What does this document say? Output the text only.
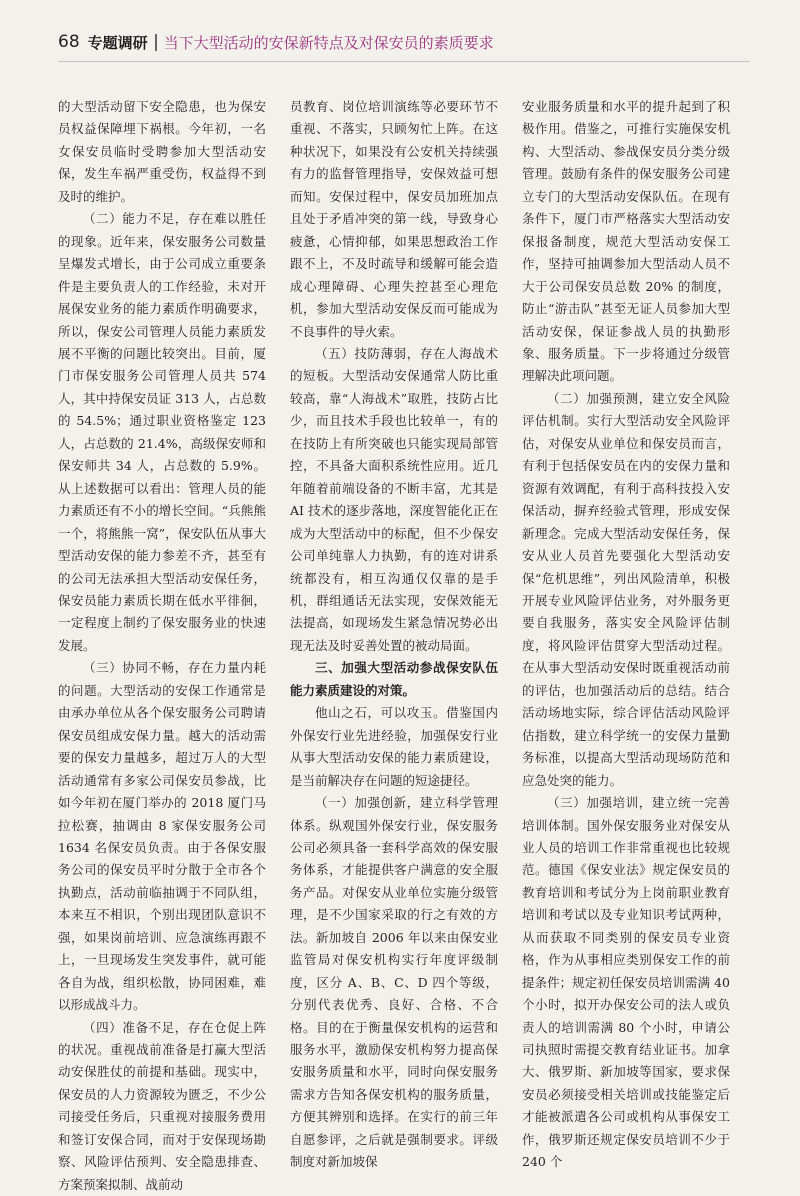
68 专题调研 当下大型活动的安保新特点及对保安员的素质要求

的大型活动留下安全隐患，也为保安员权益保障埋下祸根。今年初，一名女保安员临时受聘参加大型活动安保，发生车祸严重受伤，权益得不到及时的维护。

（二）能力不足，存在难以胜任的现象。近年来，保安服务公司数量呈爆发式增长，由于公司成立重要条件是主要负责人的工作经验，未对开展保安业务的能力素质作明确要求，所以，保安公司管理人员能力素质发展不平衡的问题比较突出。目前，厦门市保安服务公司管理人员共 574 人，其中持保安员证 313 人，占总数的 54.5%；通过职业资格鉴定 123 人，占总数的 21.4%，高级保安师和保安师共 34 人，占总数的 5.9%。从上述数据可以看出：管理人员的能力素质还有不小的增长空间。“兵熊熊一个，将熊熊一窝”，保安队伍从事大型活动安保的能力参差不齐，甚至有的公司无法承担大型活动安保任务，保安员能力素质长期在低水平徘徊，一定程度上制约了保安服务业的快速发展。

（三）协同不畅，存在力量内耗的问题。大型活动的安保工作通常是由承办单位从各个保安服务公司聘请保安员组成安保力量。越大的活动需要的保安力量越多，超过万人的大型活动通常有多家公司保安员参战，比如今年初在厦门举办的 2018 厦门马拉松赛，抽调由 8 家保安服务公司 1634 名保安员负责。由于各保安服务公司的保安员平时分散于全市各个执勤点，活动前临抽调于不同队组，本来互不相识，个别出现团队意识不强，如果岗前培训、应急演练再跟不上，一旦现场发生突发事件，就可能各自为战，组织松散，协同困难，难以形成战斗力。

（四）准备不足，存在仓促上阵的状况。重视战前准备是打赢大型活动安保胜仗的前提和基础。现实中，保安员的人力资源较为匮乏，不少公司接受任务后，只重视对接服务费用和签订安保合同，而对于安保现场勘察、风险评估预判、安全隐患排查、方案预案拟制、战前动

员教育、岗位培训演练等必要环节不重视、不落实，只顾匆忙上阵。在这种状况下，如果没有公安机关持续强有力的监督管理指导，安保效益可想而知。安保过程中，保安员加班加点且处于矛盾冲突的第一线，导致身心疲惫，心情抑郁，如果思想政治工作跟不上，不及时疏导和缓解可能会造成心理障碍、心理失控甚至心理危机，参加大型活动安保反而可能成为不良事件的导火索。

（五）技防薄弱，存在人海战术的短板。大型活动安保通常人防比重较高，靠“人海战术”取胜，技防占比少，而且技术手段也比较单一，有的在技防上有所突破也只能实现局部管控，不具备大面积系统性应用。近几年随着前端设备的不断丰富，尤其是 AI 技术的逐步落地，深度智能化正在成为大型活动中的标配，但不少保安公司单纯靠人力执勤，有的连对讲系统都没有，相互沟通仅仅靠的是手机，群组通话无法实现，安保效能无法提高，如现场发生紧急情况势必出现无法及时妥善处置的被动局面。

三、加强大型活动参战保安队伍能力素质建设的对策。

他山之石，可以攻玉。借鉴国内外保安行业先进经验，加强保安行业从事大型活动安保的能力素质建设，是当前解决存在问题的短途捷径。

（一）加强创新，建立科学管理体系。纵观国外保安行业，保安服务公司必须具备一套科学高效的保安服务体系，才能提供客户满意的安全服务产品。对保安从业单位实施分级管理，是不少国家采取的行之有效的方法。新加坡自 2006 年以来由保安业监管局对保安机构实行年度评级制度，区分 A、B、C、D 四个等级，分别代表优秀、良好、合格、不合格。目的在于衡量保安机构的运营和服务水平，激励保安机构努力提高保安服务质量和水平，同时向保安服务需求方告知各保安机构的服务质量，方便其辨别和选择。在实行的前三年自愿参评，之后就是强制要求。评级制度对新加坡保

安业服务质量和水平的提升起到了积极作用。借鉴之，可推行实施保安机构、大型活动、参战保安员分类分级管理。鼓励有条件的保安服务公司建立专门的大型活动安保队伍。在现有条件下，厦门市严格落实大型活动安保报备制度，规范大型活动安保工作，坚持可抽调参加大型活动人员不大于公司保安员总数 20% 的制度，防止“游击队”甚至无证人员参加大型活动安保，保证参战人员的执勤形象、服务质量。下一步将通过分级管理解决此项问题。

（二）加强预测，建立安全风险评估机制。实行大型活动安全风险评估，对保安从业单位和保安员而言，有利于包括保安员在内的安保力量和资源有效调配，有利于高科技投入安保活动，摒弃经验式管理，形成安保新理念。完成大型活动安保任务，保安从业人员首先要强化大型活动安保“危机思维”，列出风险清单，积极开展专业风险评估业务，对外服务更要自我服务，落实安全风险评估制度，将风险评估贯穿大型活动过程。在从事大型活动安保时既重视活动前的评估，也加强活动后的总结。结合活动场地实际，综合评估活动风险评估指数，建立科学统一的安保力量勤务标准，以提高大型活动现场防范和应急处突的能力。

（三）加强培训，建立统一完善培训体制。国外保安服务业对保安从业人员的培训工作非常重视也比较规范。德国《保安业法》规定保安员的教育培训和考试分为上岗前职业教育培训和考试以及专业知识考试两种，从而获取不同类别的保安员专业资格，作为从事相应类别保安工作的前提条件；规定初任保安员培训需满 40 个小时，拟开办保安公司的法人或负责人的培训需满 80 个小时，申请公司执照时需提交教育结业证书。加拿大、俄罗斯、新加坡等国家，要求保安员必须接受相关培训或技能鉴定后才能被派遣各公司或机构从事保安工作，俄罗斯还规定保安员培训不少于 240 个
